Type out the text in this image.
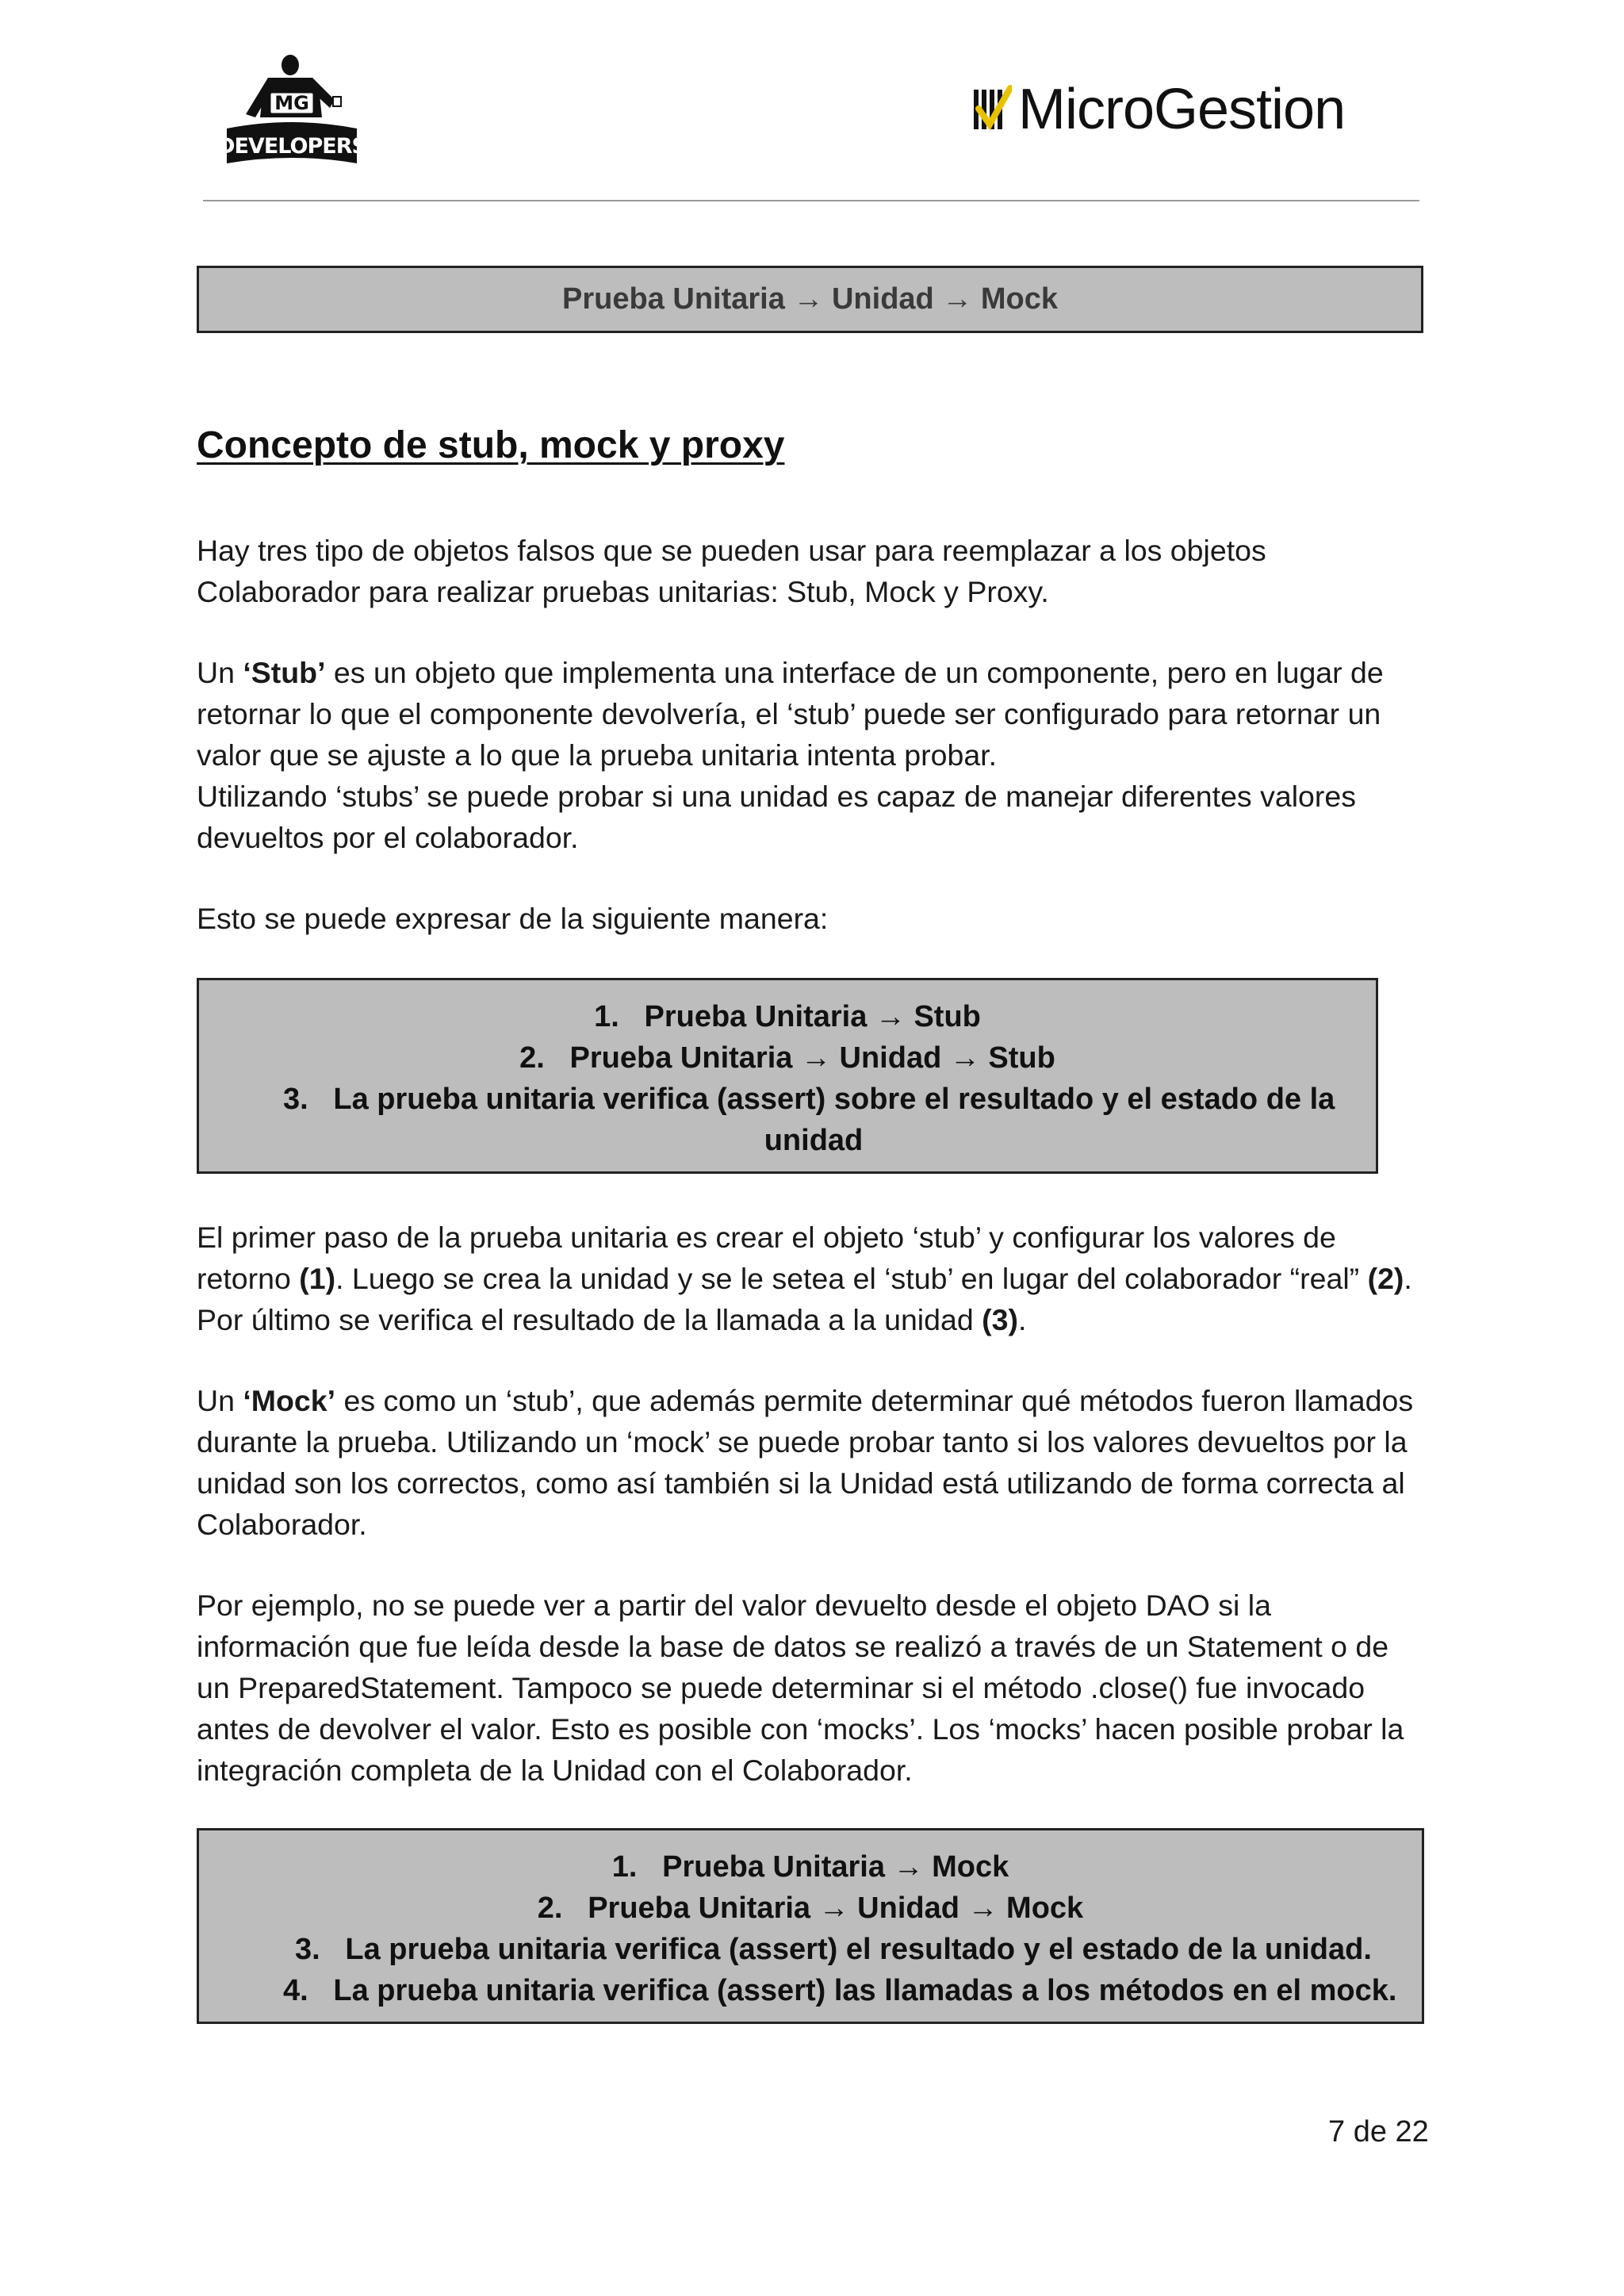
MG
DEVELOPERS
MicroGestion
Prueba Unitaria → Unidad → Mock
Concepto de stub, mock y proxy
Hay tres tipo de objetos falsos que se pueden usar para reemplazar a los objetos
Colaborador para realizar pruebas unitarias: Stub, Mock y Proxy.
Un ‘Stub’ es un objeto que implementa una interface de un componente, pero en lugar de
retornar lo que el componente devolvería, el ‘stub’ puede ser configurado para retornar un
valor que se ajuste a lo que la prueba unitaria intenta probar.
Utilizando ‘stubs’ se puede probar si una unidad es capaz de manejar diferentes valores
devueltos por el colaborador.
Esto se puede expresar de la siguiente manera:
1. Prueba Unitaria → Stub
2. Prueba Unitaria → Unidad → Stub
3. La prueba unitaria verifica (assert) sobre el resultado y el estado de la
unidad
El primer paso de la prueba unitaria es crear el objeto ‘stub’ y configurar los valores de
retorno (1). Luego se crea la unidad y se le setea el ‘stub’ en lugar del colaborador “real” (2).
Por último se verifica el resultado de la llamada a la unidad (3).
Un ‘Mock’ es como un ‘stub’, que además permite determinar qué métodos fueron llamados
durante la prueba. Utilizando un ‘mock’ se puede probar tanto si los valores devueltos por la
unidad son los correctos, como así también si la Unidad está utilizando de forma correcta al
Colaborador.
Por ejemplo, no se puede ver a partir del valor devuelto desde el objeto DAO si la
información que fue leída desde la base de datos se realizó a través de un Statement o de
un PreparedStatement. Tampoco se puede determinar si el método .close() fue invocado
antes de devolver el valor. Esto es posible con ‘mocks’. Los ‘mocks’ hacen posible probar la
integración completa de la Unidad con el Colaborador.
1. Prueba Unitaria → Mock
2. Prueba Unitaria → Unidad → Mock
3. La prueba unitaria verifica (assert) el resultado y el estado de la unidad.
4. La prueba unitaria verifica (assert) las llamadas a los métodos en el mock.
7 de 22
